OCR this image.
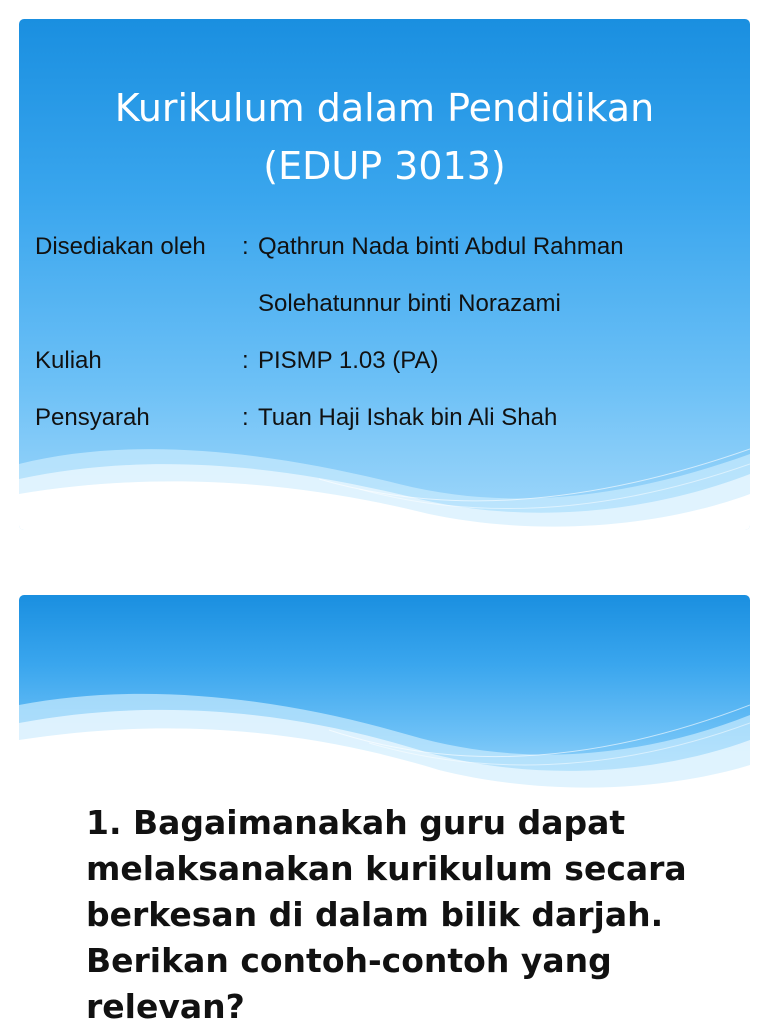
Kurikulum dalam Pendidikan
(EDUP 3013)
Disediakan oleh : Qathrun Nada binti Abdul Rahman
Solehatunnur binti Norazami
Kuliah	: PISMP 1.03 (PA)
Pensyarah	: Tuan Haji Ishak bin Ali Shah
1. Bagaimanakah guru dapat melaksanakan kurikulum secara berkesan di dalam bilik darjah. Berikan contoh-contoh yang relevan?
